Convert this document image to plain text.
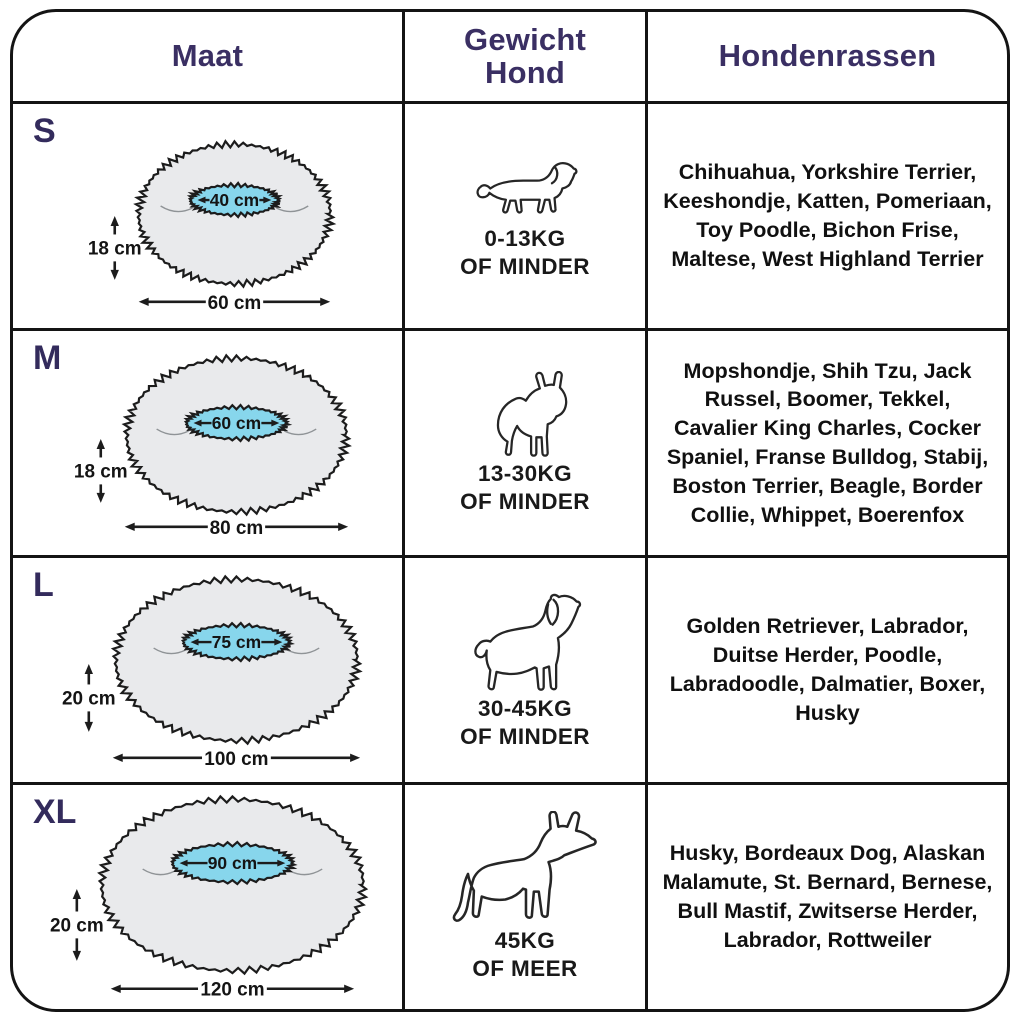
Maat	Gewicht Hond	Hondenrassen
S
40 cm
18 cm
60 cm
0-13KG
OF MINDER

Chihuahua, Yorkshire Terrier, Keeshondje, Katten, Pomeriaan, Toy Poodle, Bichon Frise, Maltese, West Highland Terrier

M
60 cm
18 cm
80 cm
13-30KG
OF MINDER

Mopshondje, Shih Tzu, Jack Russel, Boomer, Tekkel, Cavalier King Charles, Cocker Spaniel, Franse Bulldog, Stabij, Boston Terrier, Beagle, Border Collie, Whippet, Boerenfox

L
75 cm
20 cm
100 cm
30-45KG
OF MINDER

Golden Retriever, Labrador, Duitse Herder, Poodle, Labradoodle, Dalmatier, Boxer, Husky

XL
90 cm
20 cm
120 cm
45KG
OF MEER

Husky, Bordeaux Dog, Alaskan Malamute, St. Bernard, Bernese, Bull Mastif, Zwitserse Herder, Labrador, Rottweiler
